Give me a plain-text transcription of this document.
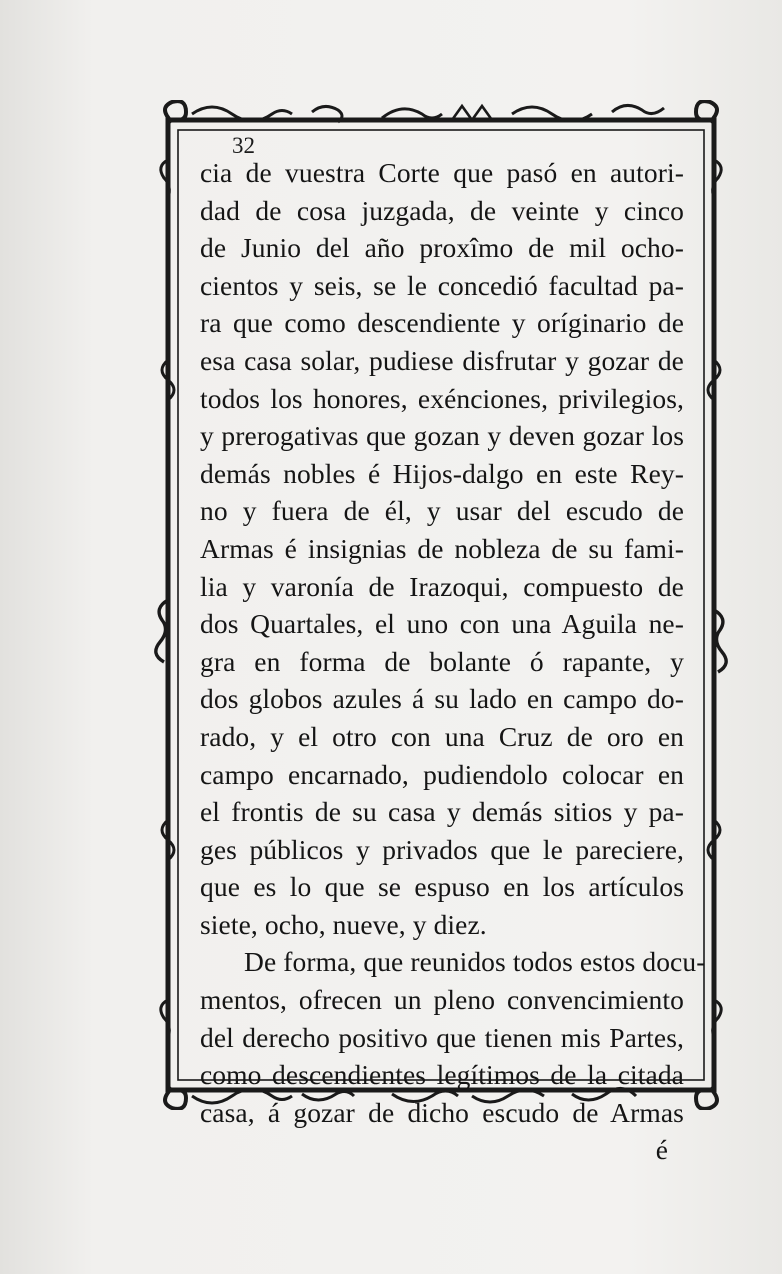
32
cia de vuestra Corte que pasó en autori-
dad de cosa juzgada, de veinte y cinco
de Junio del año proxîmo de mil ocho-
cientos y seis, se le concedió facultad pa-
ra que como descendiente y oríginario de
esa casa solar, pudiese disfrutar y gozar de
todos los honores, exénciones, privilegios,
y prerogativas que gozan y deven gozar los
demás nobles é Hijos-dalgo en este Rey-
no y fuera de él, y usar del escudo de
Armas é insignias de nobleza de su fami-
lia y varonía de Irazoqui, compuesto de
dos Quartales, el uno con una Aguila ne-
gra en forma de bolante ó rapante, y
dos globos azules á su lado en campo do-
rado, y el otro con una Cruz de oro en
campo encarnado, pudiendolo colocar en
el frontis de su casa y demás sitios y pa-
ges públicos y privados que le pareciere,
que es lo que se espuso en los artículos
siete, ocho, nueve, y diez.
De forma, que reunidos todos estos docu-
mentos, ofrecen un pleno convencimiento
del derecho positivo que tienen mis Partes,
como descendientes legítimos de la citada
casa, á gozar de dicho escudo de Armas
é
